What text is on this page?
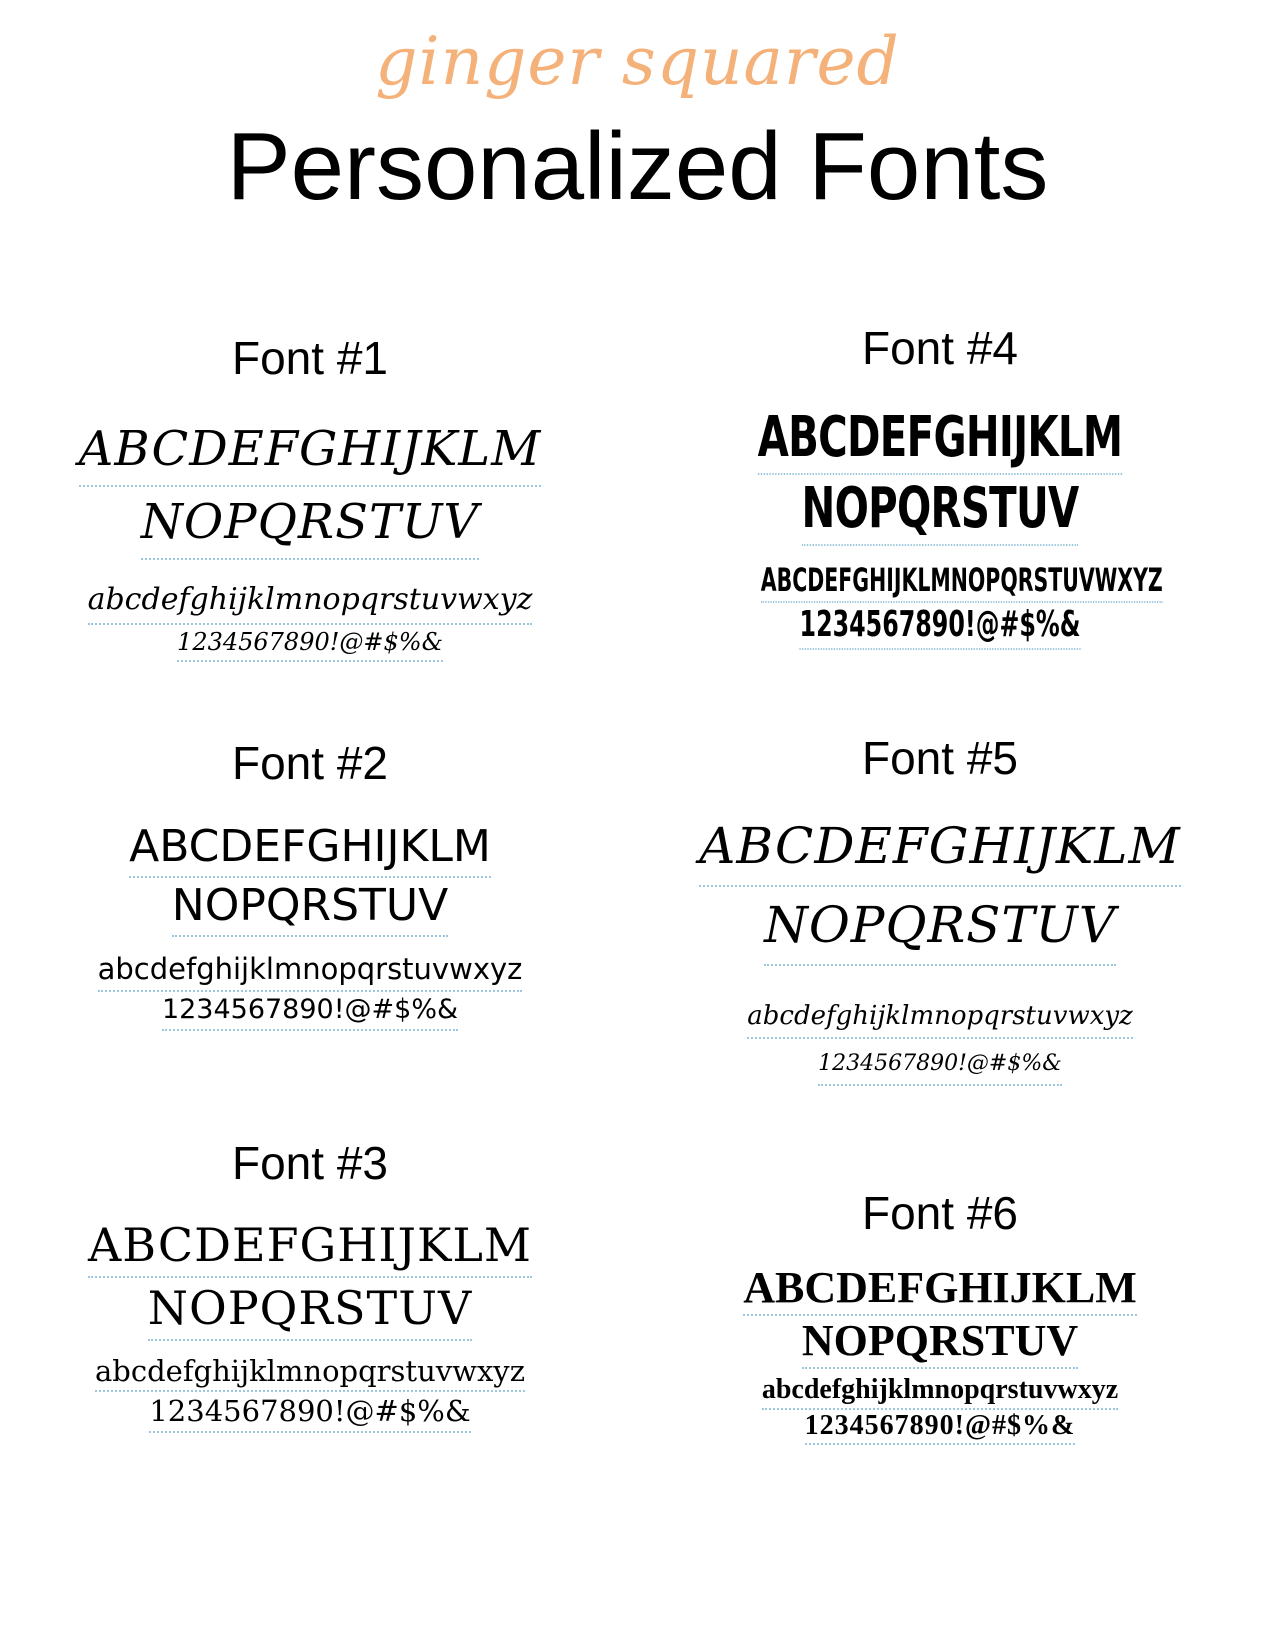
ginger squared
Personalized Fonts
Font #1
ABCDEFGHIJKLM
NOPQRSTUV
abcdefghijklmnopqrstuvwxyz
1234567890!@#$%&
Font #4
ABCDEFGHIJKLM
NOPQRSTUV
ABCDEFGHIJKLMNOPQRSTUVWXYZ
1234567890!@#$%&
Font #2
ABCDEFGHIJKLM
NOPQRSTUV
abcdefghijklmnopqrstuvwxyz
1234567890!@#$%&
Font #5
ABCDEFGHIJKLM
NOPQRSTUV
abcdefghijklmnopqrstuvwxyz
1234567890!@#$%&
Font #3
ABCDEFGHIJKLM
NOPQRSTUV
abcdefghijklmnopqrstuvwxyz
1234567890!@#$%&
Font #6
ABCDEFGHIJKLM
NOPQRSTUV
abcdefghijklmnopqrstuvwxyz
1234567890!@#$%&
